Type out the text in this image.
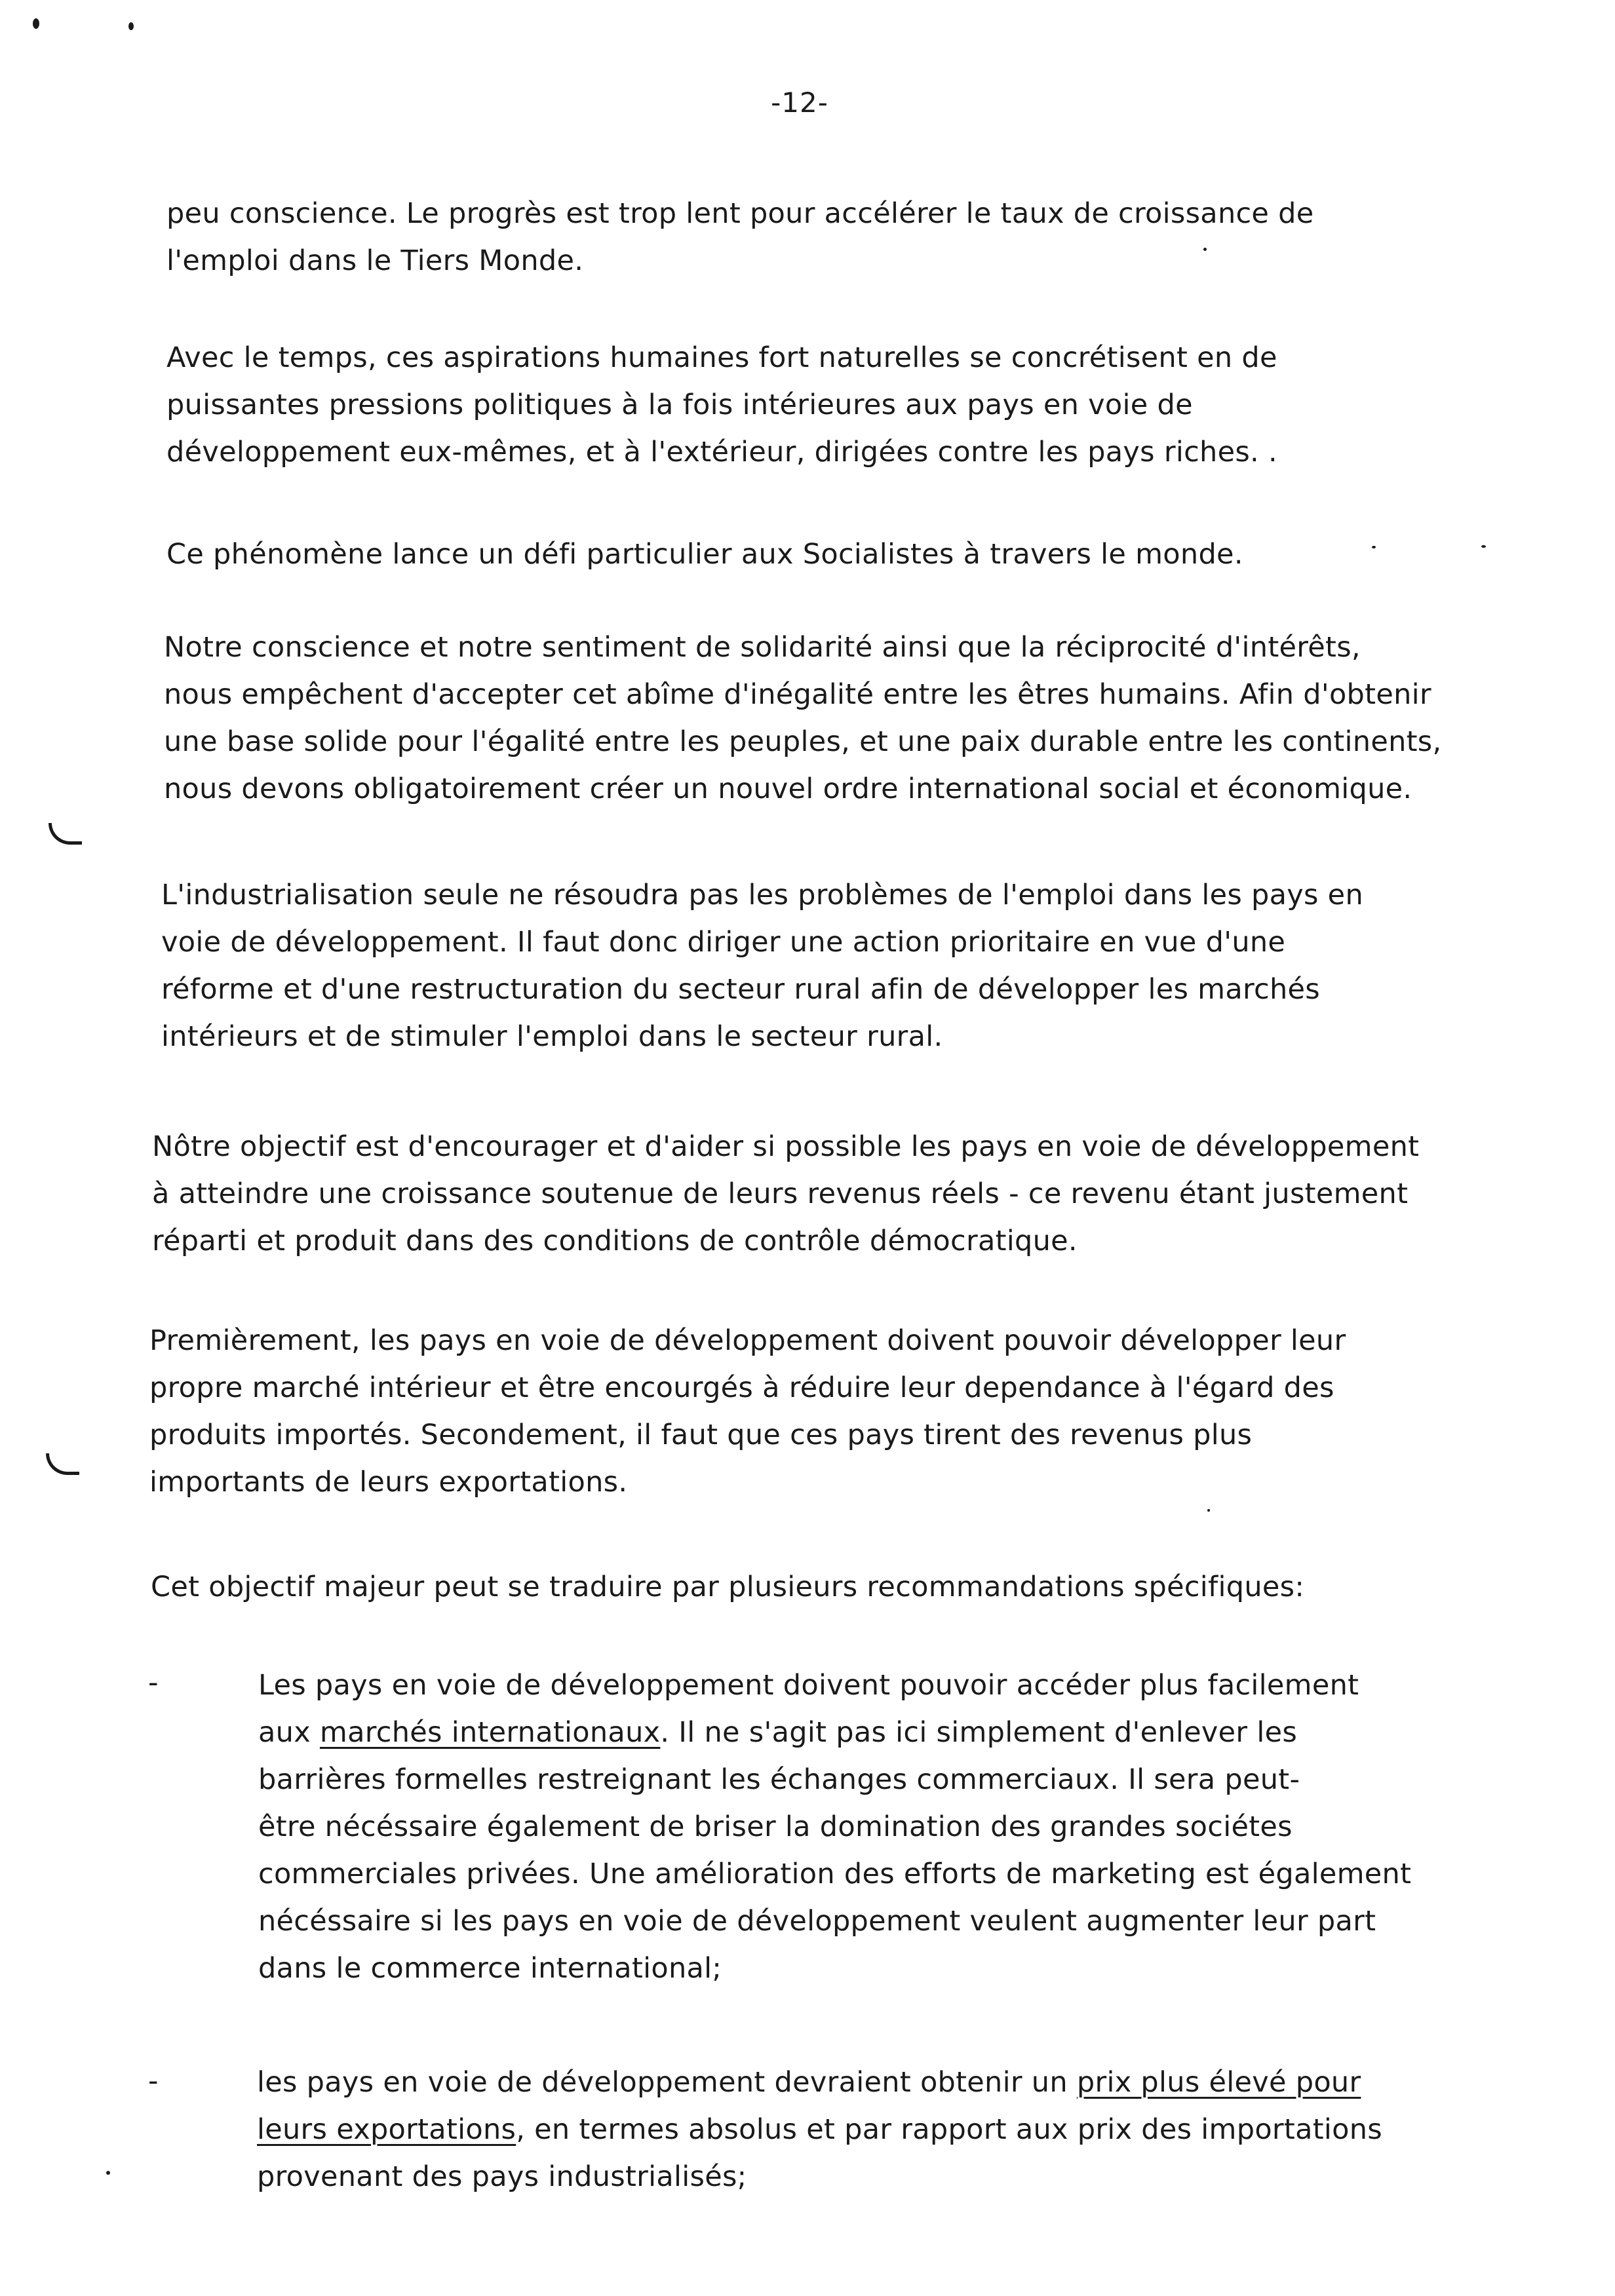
-12-

peu conscience. Le progrès est trop lent pour accélérer le taux de croissance de
l'emploi dans le Tiers Monde.

Avec le temps, ces aspirations humaines fort naturelles se concrétisent en de
puissantes pressions politiques à la fois intérieures aux pays en voie de
développement eux-mêmes, et à l'extérieur, dirigées contre les pays riches. .

Ce phénomène lance un défi particulier aux Socialistes à travers le monde.

Notre conscience et notre sentiment de solidarité ainsi que la réciprocité d'intérêts,
nous empêchent d'accepter cet abîme d'inégalité entre les êtres humains. Afin d'obtenir
une base solide pour l'égalité entre les peuples, et une paix durable entre les continents,
nous devons obligatoirement créer un nouvel ordre international social et économique.

L'industrialisation seule ne résoudra pas les problèmes de l'emploi dans les pays en
voie de développement. Il faut donc diriger une action prioritaire en vue d'une
réforme et d'une restructuration du secteur rural afin de développer les marchés
intérieurs et de stimuler l'emploi dans le secteur rural.

Nôtre objectif est d'encourager et d'aider si possible les pays en voie de développement
à atteindre une croissance soutenue de leurs revenus réels - ce revenu étant justement
réparti et produit dans des conditions de contrôle démocratique.

Premièrement, les pays en voie de développement doivent pouvoir développer leur
propre marché intérieur et être encourgés à réduire leur dependance à l'égard des
produits importés. Secondement, il faut que ces pays tirent des revenus plus
importants de leurs exportations.

Cet objectif majeur peut se traduire par plusieurs recommandations spécifiques:

-	Les pays en voie de développement doivent pouvoir accéder plus facilement
aux marchés internationaux. Il ne s'agit pas ici simplement d'enlever les
barrières formelles restreignant les échanges commerciaux. Il sera peut-
être nécéssaire également de briser la domination des grandes sociétes
commerciales privées. Une amélioration des efforts de marketing est également
nécéssaire si les pays en voie de développement veulent augmenter leur part
dans le commerce international;

-	les pays en voie de développement devraient obtenir un prix plus élevé pour
leurs exportations, en termes absolus et par rapport aux prix des importations
provenant des pays industrialisés;
